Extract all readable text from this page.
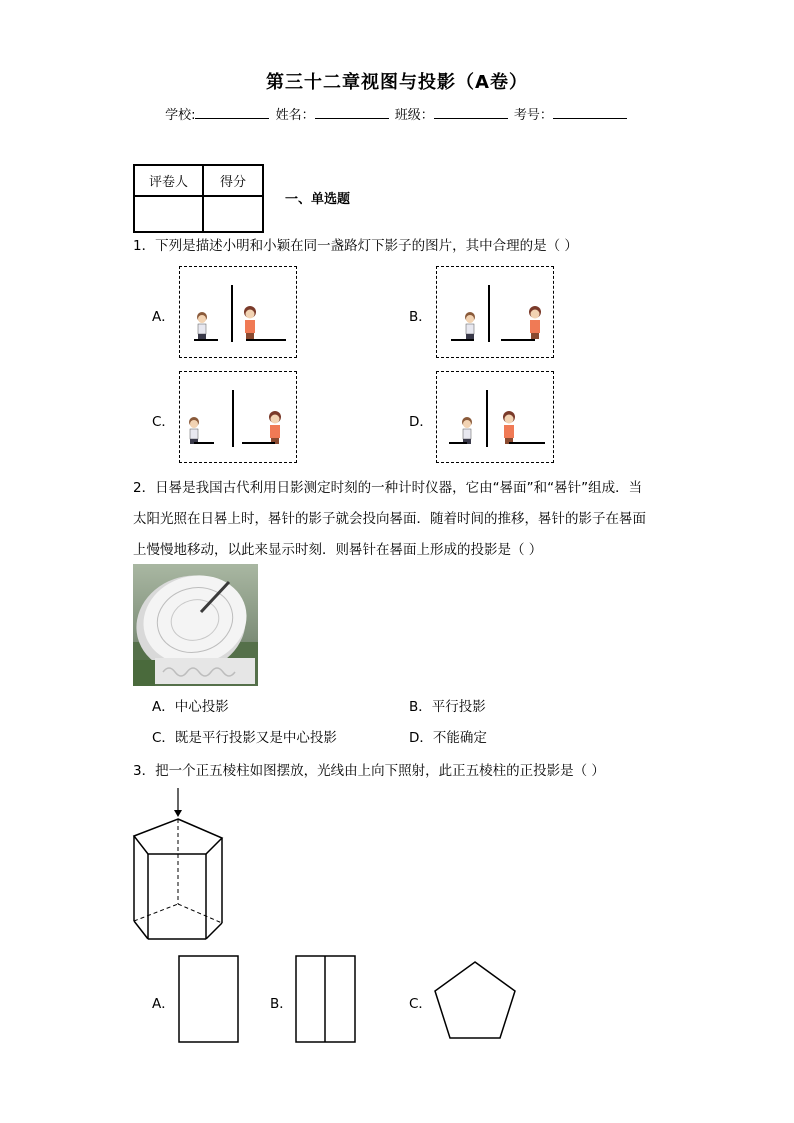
第三十二章视图与投影（A卷）
学校:	姓名：	班级：	考号：
评卷人	得分

一、单选题
1．下列是描述小明和小颖在同一盏路灯下影子的图片，其中合理的是（ ）
A．	B．
C．	D．
2．日晷是我国古代利用日影测定时刻的一种计时仪器，它由“晷面”和“晷针”组成．当
太阳光照在日晷上时，晷针的影子就会投向晷面．随着时间的推移，晷针的影子在晷面
上慢慢地移动，以此来显示时刻．则晷针在晷面上形成的投影是（ ）
A．中心投影	B．平行投影
C．既是平行投影又是中心投影	D．不能确定
3．把一个正五棱柱如图摆放，光线由上向下照射，此正五棱柱的正投影是（ ）
A．	B．	C．
